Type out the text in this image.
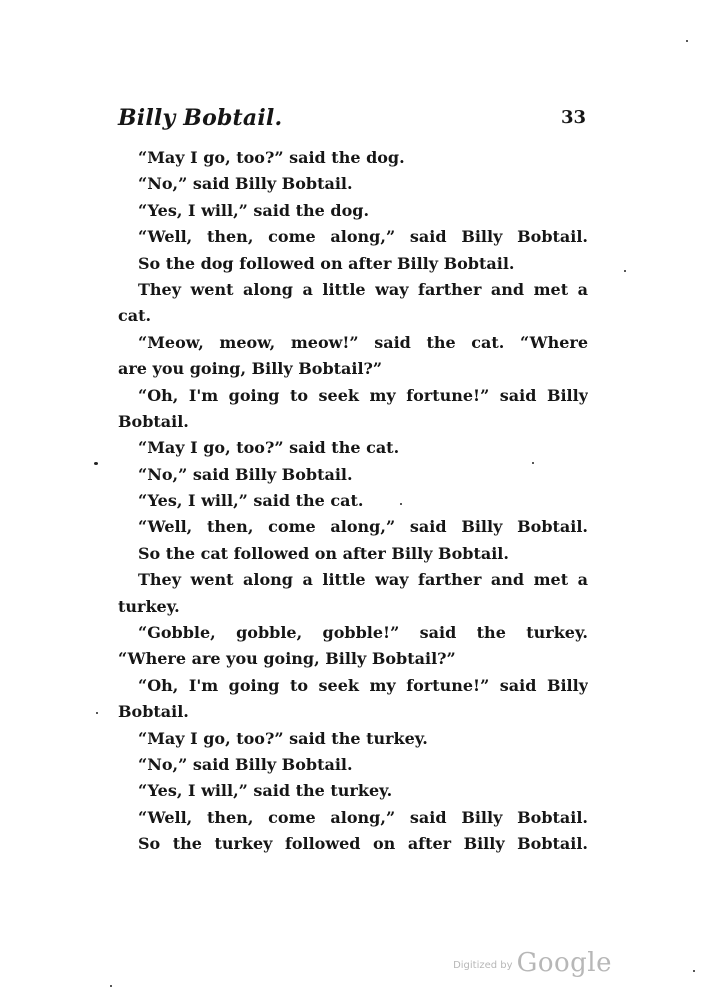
Billy Bobtail.	33
“May I go, too?” said the dog.
“No,” said Billy Bobtail.
“Yes, I will,” said the dog.
“Well, then, come along,” said Billy Bobtail.
So the dog followed on after Billy Bobtail.
They went along a little way farther and met a
cat.
“Meow, meow, meow!” said the cat. “Where
are you going, Billy Bobtail?”
“Oh, I'm going to seek my fortune!” said Billy
Bobtail.
“May I go, too?” said the cat.
“No,” said Billy Bobtail.
“Yes, I will,” said the cat.
“Well, then, come along,” said Billy Bobtail.
So the cat followed on after Billy Bobtail.
They went along a little way farther and met a
turkey.
“Gobble, gobble, gobble!” said the turkey.
“Where are you going, Billy Bobtail?”
“Oh, I'm going to seek my fortune!” said Billy
Bobtail.
“May I go, too?” said the turkey.
“No,” said Billy Bobtail.
“Yes, I will,” said the turkey.
“Well, then, come along,” said Billy Bobtail.
So the turkey followed on after Billy Bobtail.
Digitized by Google
